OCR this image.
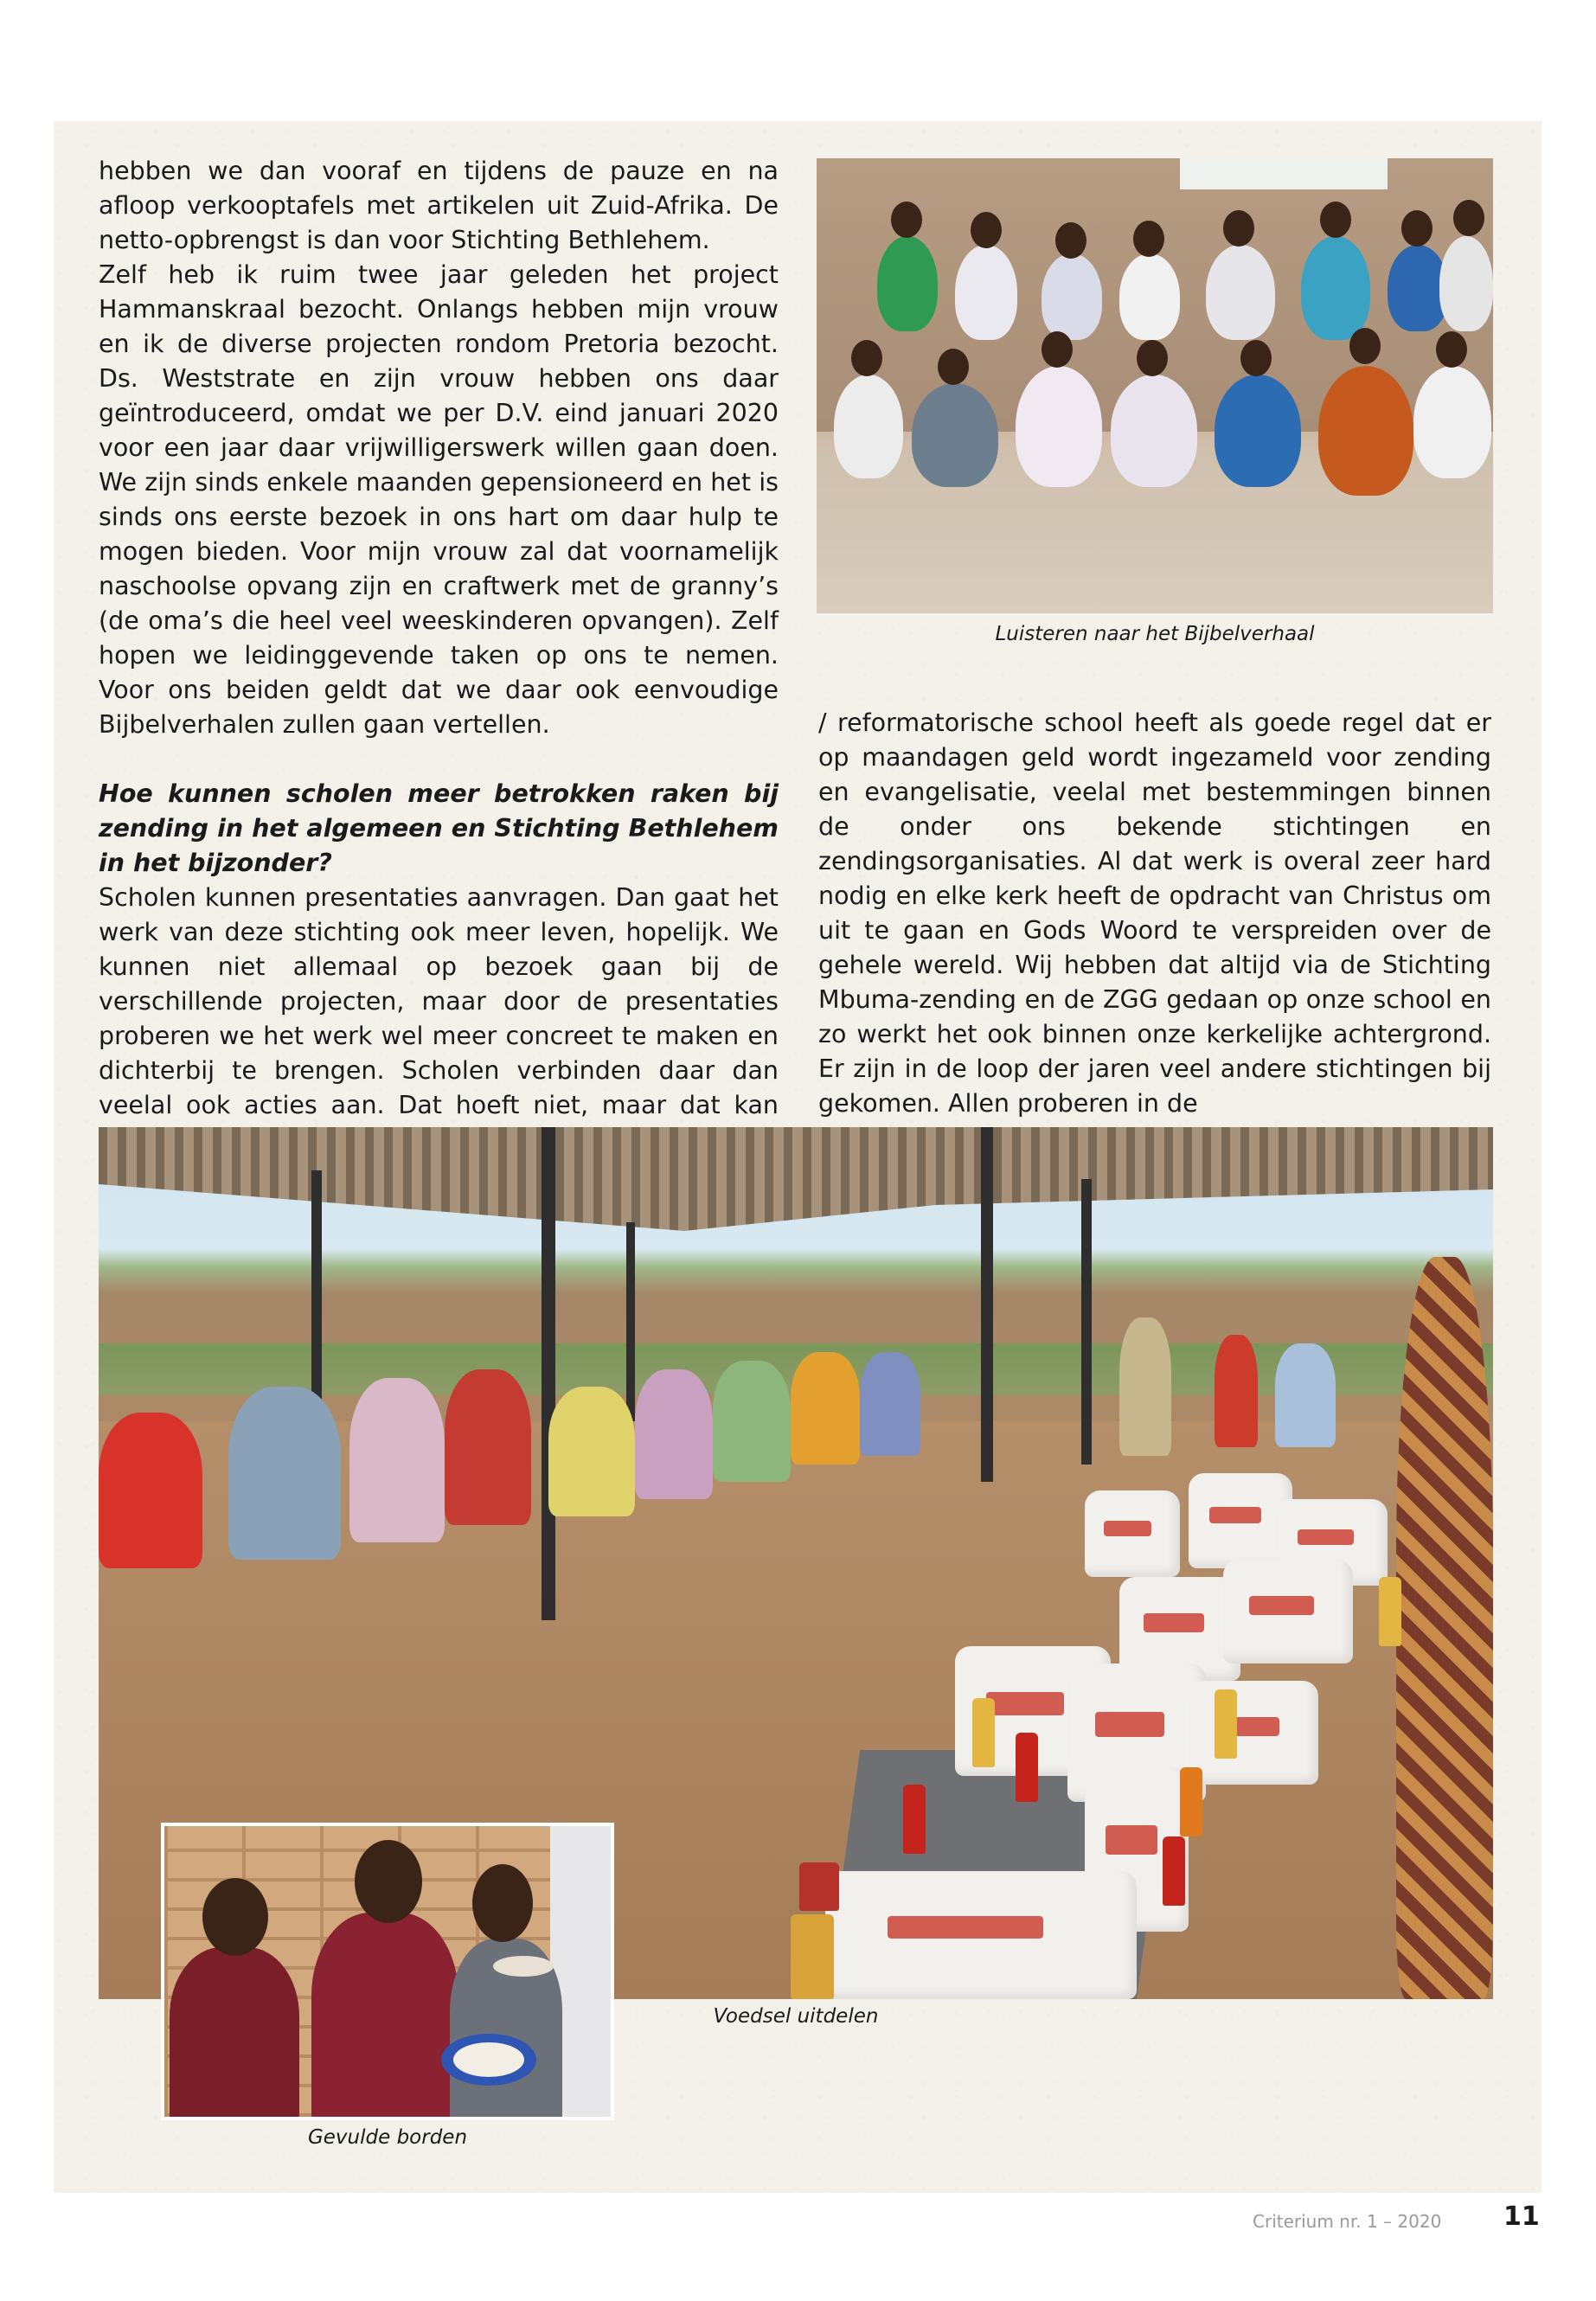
hebben we dan vooraf en tijdens de pauze en na afloop verkooptafels met artikelen uit Zuid-Afrika. De netto-opbrengst is dan voor Stichting Bethlehem.

Zelf heb ik ruim twee jaar geleden het project Hammanskraal bezocht. Onlangs hebben mijn vrouw en ik de diverse projecten rondom Pretoria bezocht. Ds. Weststrate en zijn vrouw hebben ons daar geïntroduceerd, omdat we per D.V. eind januari 2020 voor een jaar daar vrijwilligerswerk willen gaan doen. We zijn sinds enkele maanden gepensioneerd en het is sinds ons eerste bezoek in ons hart om daar hulp te mogen bieden. Voor mijn vrouw zal dat voornamelijk naschoolse opvang zijn en craftwerk met de granny’s (de oma’s die heel veel weeskinderen opvangen). Zelf hopen we leidinggevende taken op ons te nemen. Voor ons beiden geldt dat we daar ook eenvoudige Bijbelverhalen zullen gaan vertellen.

Hoe kunnen scholen meer betrokken raken bij zending in het algemeen en Stichting Bethlehem in het bijzonder?

Scholen kunnen presentaties aanvragen. Dan gaat het werk van deze stichting ook meer leven, hopelijk. We kunnen niet allemaal op bezoek gaan bij de verschillende projecten, maar door de presentaties proberen we het werk wel meer concreet te maken en dichterbij te brengen. Scholen verbinden daar dan veelal ook acties aan. Dat hoeft niet, maar dat kan

Luisteren naar het Bijbelverhaal

/ reformatorische school heeft als goede regel dat er op maandagen geld wordt ingezameld voor zending en evangelisatie, veelal met bestemmingen binnen de onder ons bekende stichtingen en zendingsorganisaties. Al dat werk is overal zeer hard nodig en elke kerk heeft de opdracht van Christus om uit te gaan en Gods Woord te verspreiden over de gehele wereld. Wij hebben dat altijd via de Stichting Mbuma-zending en de ZGG gedaan op onze school en zo werkt het ook binnen onze kerkelijke achtergrond. Er zijn in de loop der jaren veel andere stichtingen bij gekomen. Allen proberen in de

Voedsel uitdelen
Gevulde borden
Criterium nr. 1 – 2020 11
